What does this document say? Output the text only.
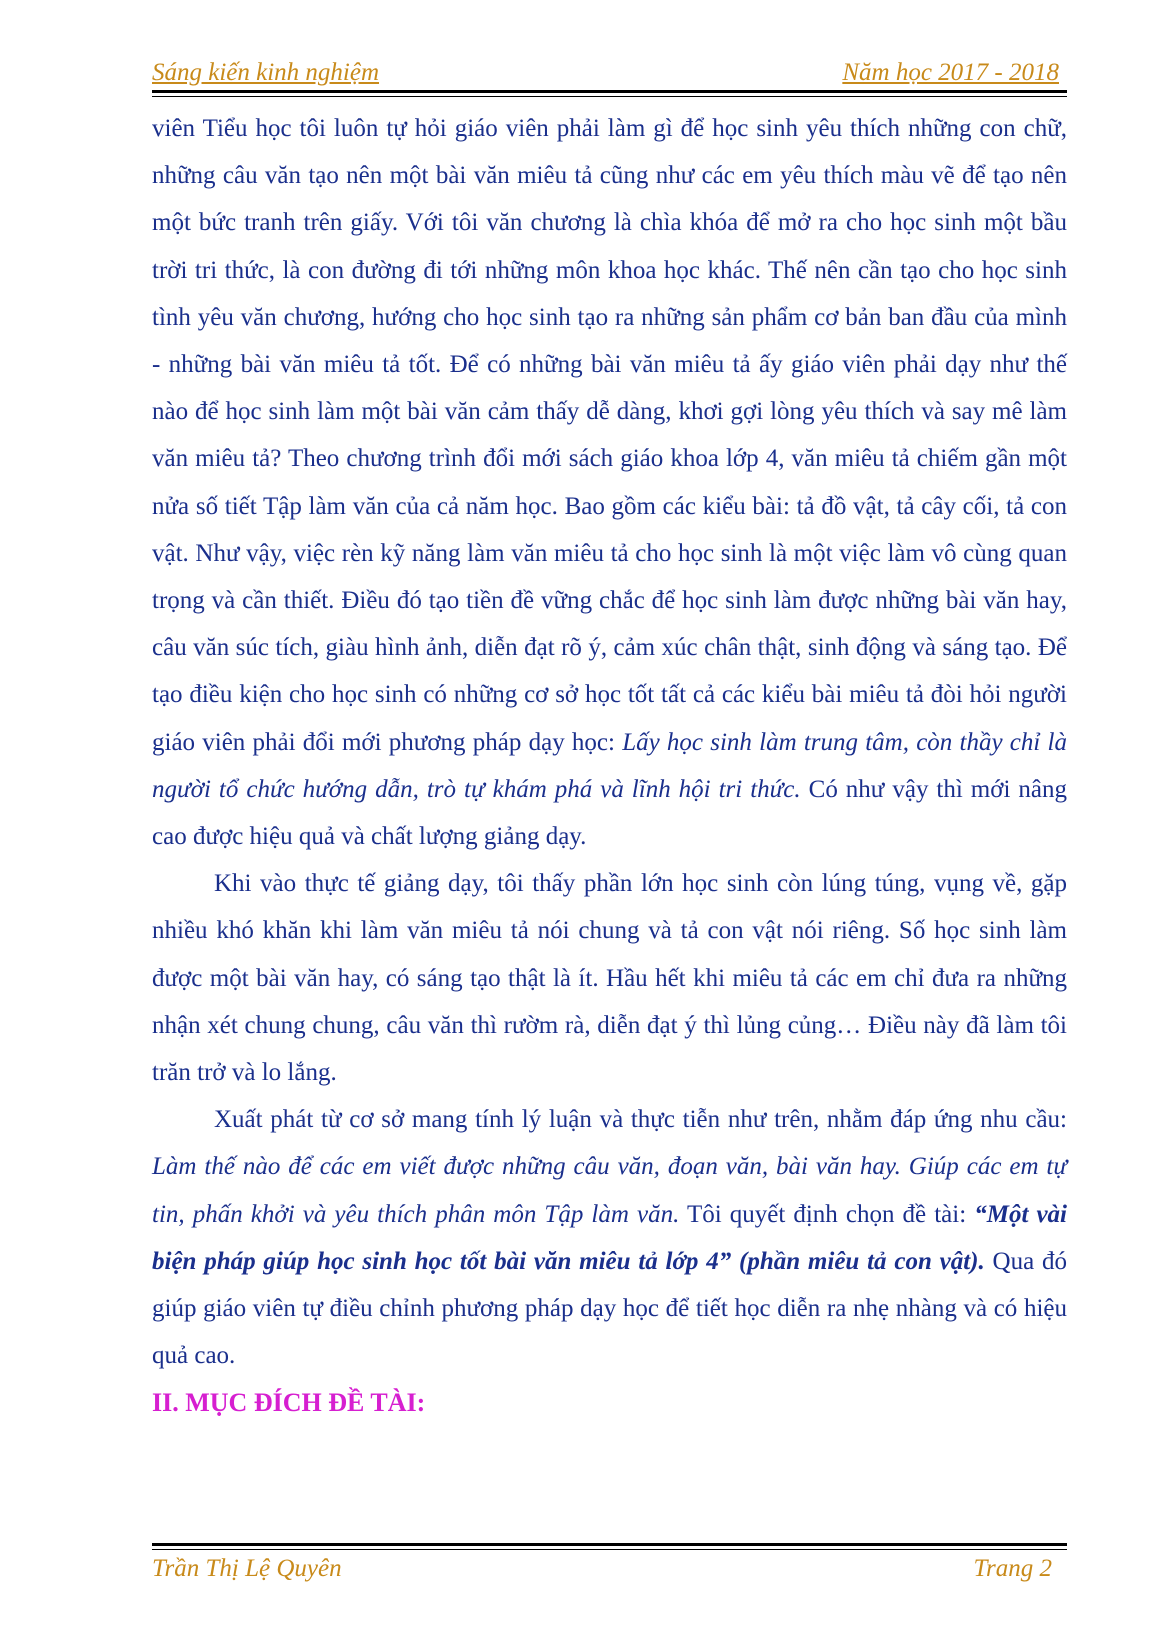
Sáng kiến kinh nghiệm	Năm học 2017 - 2018

viên Tiểu học tôi luôn tự hỏi giáo viên phải làm gì để học sinh yêu thích những con chữ, những câu văn tạo nên một bài văn miêu tả cũng như các em yêu thích màu vẽ để tạo nên một bức tranh trên giấy. Với tôi văn chương là chìa khóa để mở ra cho học sinh một bầu trời tri thức, là con đường đi tới những môn khoa học khác. Thế nên cần tạo cho học sinh tình yêu văn chương, hướng cho học sinh tạo ra những sản phẩm cơ bản ban đầu của mình - những bài văn miêu tả tốt. Để có những bài văn miêu tả ấy giáo viên phải dạy như thế nào để học sinh làm một bài văn cảm thấy dễ dàng, khơi gợi lòng yêu thích và say mê làm văn miêu tả? Theo chương trình đổi mới sách giáo khoa lớp 4, văn miêu tả chiếm gần một nửa số tiết Tập làm văn của cả năm học. Bao gồm các kiểu bài: tả đồ vật, tả cây cối, tả con vật. Như vậy, việc rèn kỹ năng làm văn miêu tả cho học sinh là một việc làm vô cùng quan trọng và cần thiết. Điều đó tạo tiền đề vững chắc để học sinh làm được những bài văn hay, câu văn súc tích, giàu hình ảnh, diễn đạt rõ ý, cảm xúc chân thật, sinh động và sáng tạo. Để tạo điều kiện cho học sinh có những cơ sở học tốt tất cả các kiểu bài miêu tả đòi hỏi người giáo viên phải đổi mới phương pháp dạy học: Lấy học sinh làm trung tâm, còn thầy chỉ là người tổ chức hướng dẫn, trò tự khám phá và lĩnh hội tri thức. Có như vậy thì mới nâng cao được hiệu quả và chất lượng giảng dạy.

Khi vào thực tế giảng dạy, tôi thấy phần lớn học sinh còn lúng túng, vụng về, gặp nhiều khó khăn khi làm văn miêu tả nói chung và tả con vật nói riêng. Số học sinh làm được một bài văn hay, có sáng tạo thật là ít. Hầu hết khi miêu tả các em chỉ đưa ra những nhận xét chung chung, câu văn thì rườm rà, diễn đạt ý thì lủng củng… Điều này đã làm tôi trăn trở và lo lắng.

Xuất phát từ cơ sở mang tính lý luận và thực tiễn như trên, nhằm đáp ứng nhu cầu: Làm thế nào để các em viết được những câu văn, đoạn văn, bài văn hay. Giúp các em tự tin, phấn khởi và yêu thích phân môn Tập làm văn. Tôi quyết định chọn đề tài: “Một vài biện pháp giúp học sinh học tốt bài văn miêu tả lớp 4” (phần miêu tả con vật). Qua đó giúp giáo viên tự điều chỉnh phương pháp dạy học để tiết học diễn ra nhẹ nhàng và có hiệu quả cao.

II. MỤC ĐÍCH ĐỀ TÀI:
Trần Thị Lệ Quyên	Trang 2
